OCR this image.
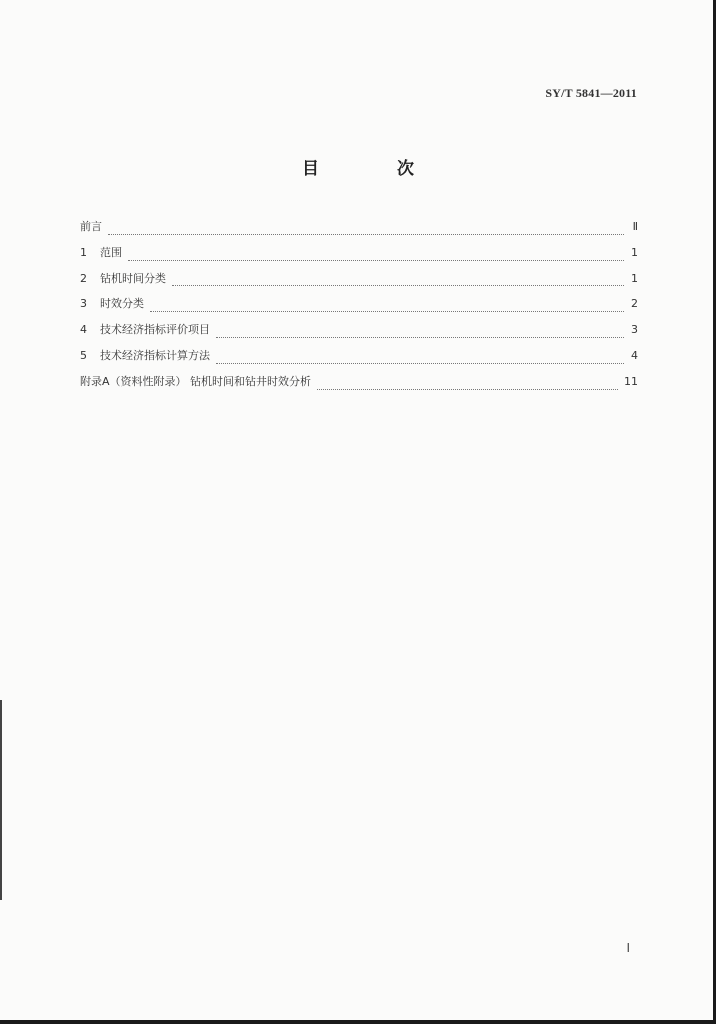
SY/T 5841—2011
目 次
前言	Ⅱ
1	范围	1
2	钻机时间分类	1
3	时效分类	2
4	技术经济指标评价项目	3
5	技术经济指标计算方法	4
附录A（资料性附录） 钻机时间和钻井时效分析	11
Ⅰ
